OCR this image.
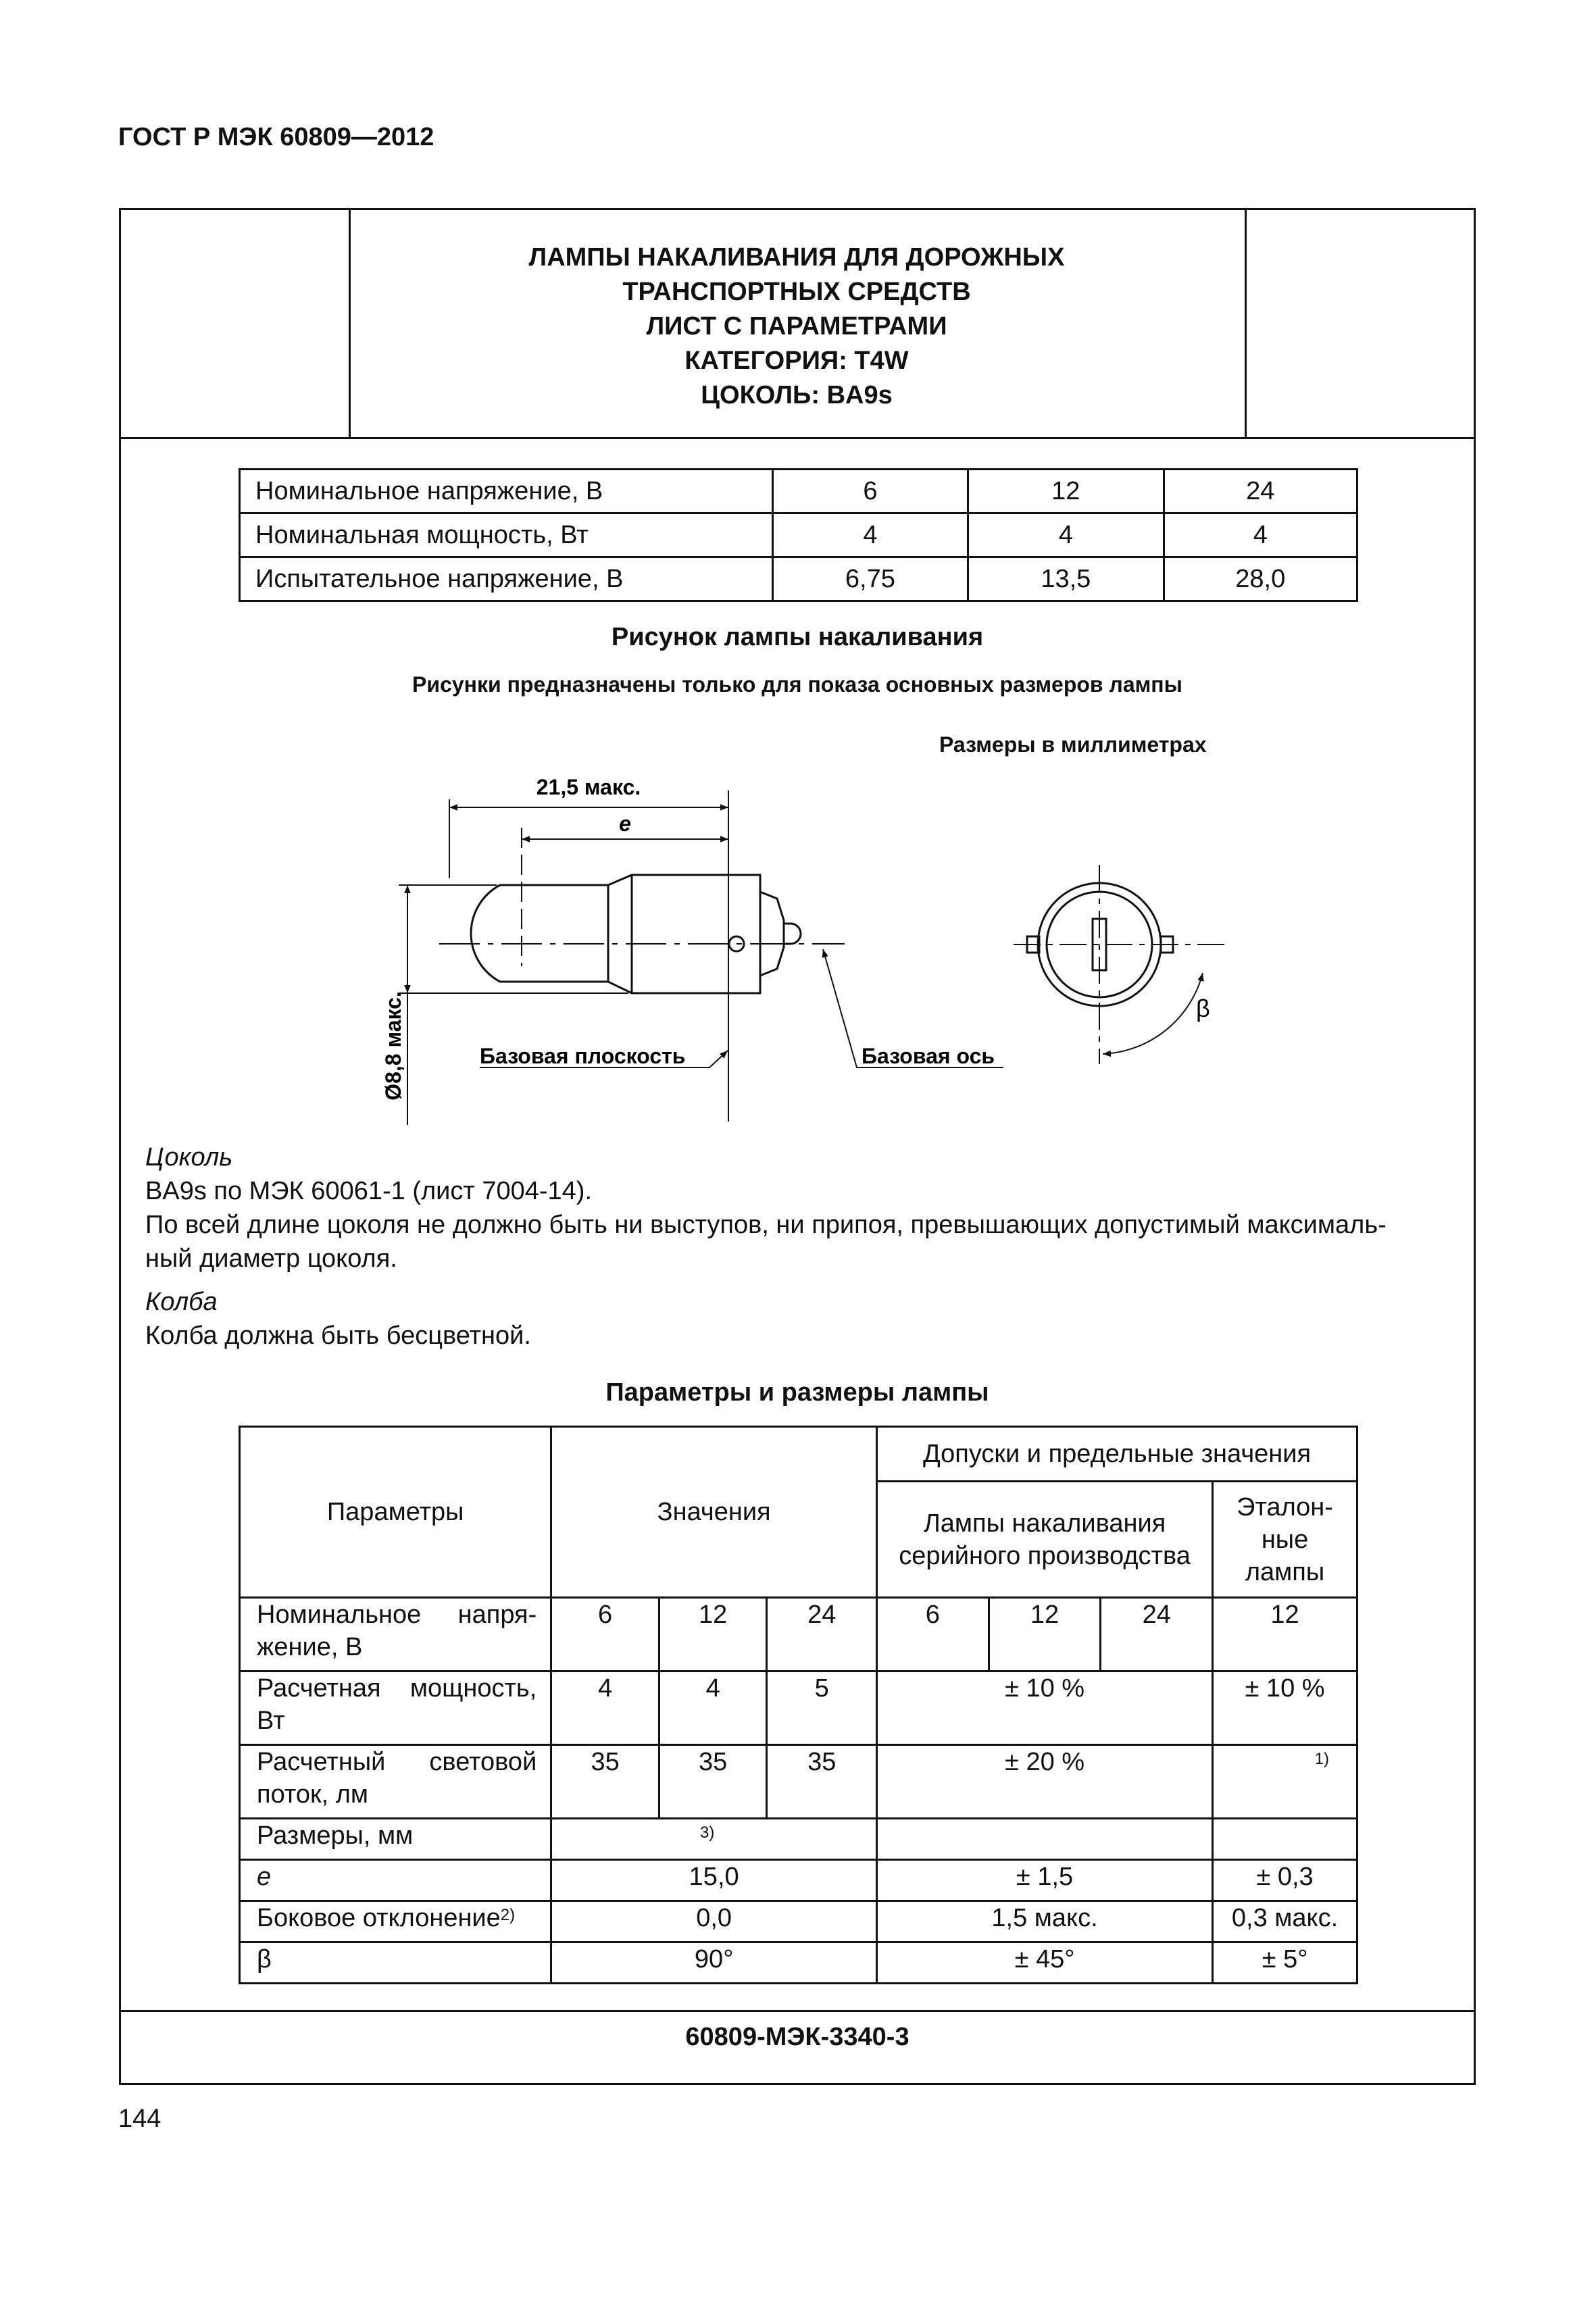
ГОСТ Р МЭК 60809—2012
ЛАМПЫ НАКАЛИВАНИЯ ДЛЯ ДОРОЖНЫХ
ТРАНСПОРТНЫХ СРЕДСТВ
ЛИСТ С ПАРАМЕТРАМИ
КАТЕГОРИЯ: T4W
ЦОКОЛЬ: BA9s
Номинальное напряжение, В	6	12	24
Номинальная мощность, Вт	4	4	4
Испытательное напряжение, В	6,75	13,5	28,0
Рисунок лампы накаливания
Рисунки предназначены только для показа основных размеров лампы
Размеры в миллиметрах
21,5 макс.
e
Ø8,8 макс.	Базовая плоскость	Базовая ось
β
Цоколь
BA9s по МЭК 60061-1 (лист 7004-14).
По всей длине цоколя не должно быть ни выступов, ни припоя, превышающих допустимый максималь-
ный диаметр цоколя.
Колба
Колба должна быть бесцветной.
Параметры и размеры лампы
Параметры	Значения			Допуски и предельные значения			
				Лампы накаливания серийного производства			Эталон-ные лампы
Номинальное напря-жение, В	6	12	24	6	12	24	12
Расчетная мощность, Вт	4	4	5	± 10 %			± 10 %
Расчетный световой поток, лм	35	35	35	± 20 %			$^{1)}$
Размеры, мм	$^{3)}$		
e	15,0			± 1,5			± 0,3
Боковое отклонение$^{2)}$	0,0			1,5 макс.			0,3 макс.
β	90°			± 45°			± 5°
60809-МЭК-3340-3
144
